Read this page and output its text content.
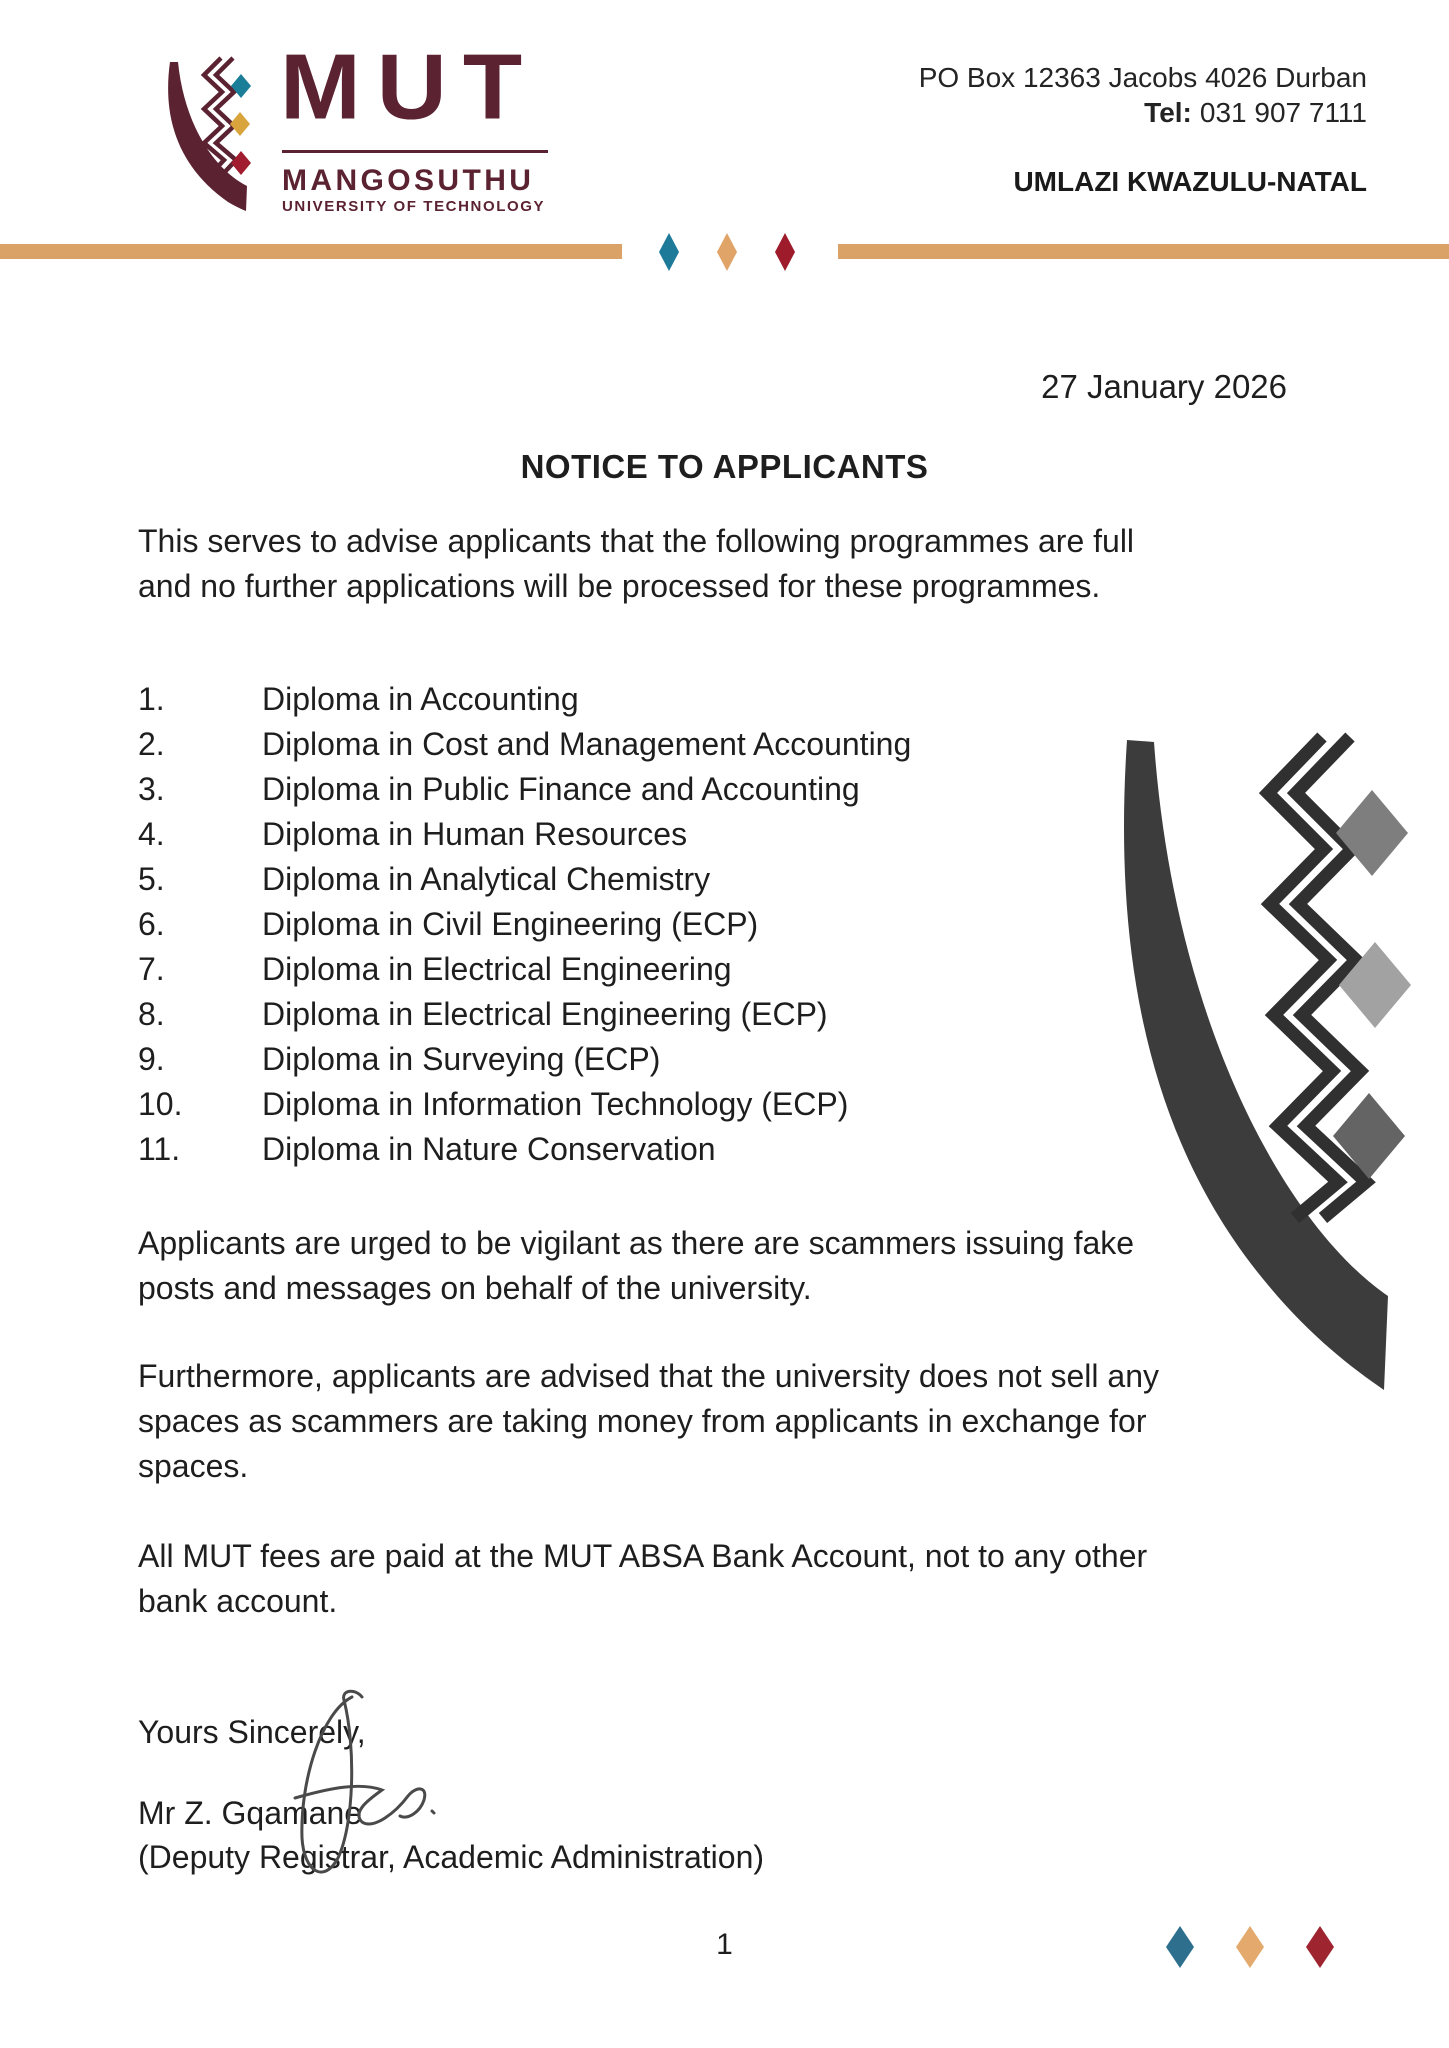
MUT
MANGOSUTHU
UNIVERSITY OF TECHNOLOGY
PO Box 12363 Jacobs 4026 Durban
Tel: 031 907 7111
UMLAZI KWAZULU-NATAL
27 January 2026
NOTICE TO APPLICANTS
This serves to advise applicants that the following programmes are full
and no further applications will be processed for these programmes.
1.	Diploma in Accounting
2.	Diploma in Cost and Management Accounting
3.	Diploma in Public Finance and Accounting
4.	Diploma in Human Resources
5.	Diploma in Analytical Chemistry
6.	Diploma in Civil Engineering (ECP)
7.	Diploma in Electrical Engineering
8.	Diploma in Electrical Engineering (ECP)
9.	Diploma in Surveying (ECP)
10.	Diploma in Information Technology (ECP)
11.	Diploma in Nature Conservation
Applicants are urged to be vigilant as there are scammers issuing fake
posts and messages on behalf of the university.
Furthermore, applicants are advised that the university does not sell any
spaces as scammers are taking money from applicants in exchange for
spaces.
All MUT fees are paid at the MUT ABSA Bank Account, not to any other
bank account.
Yours Sincerely,
Mr Z. Gqamane
(Deputy Registrar, Academic Administration)
1
